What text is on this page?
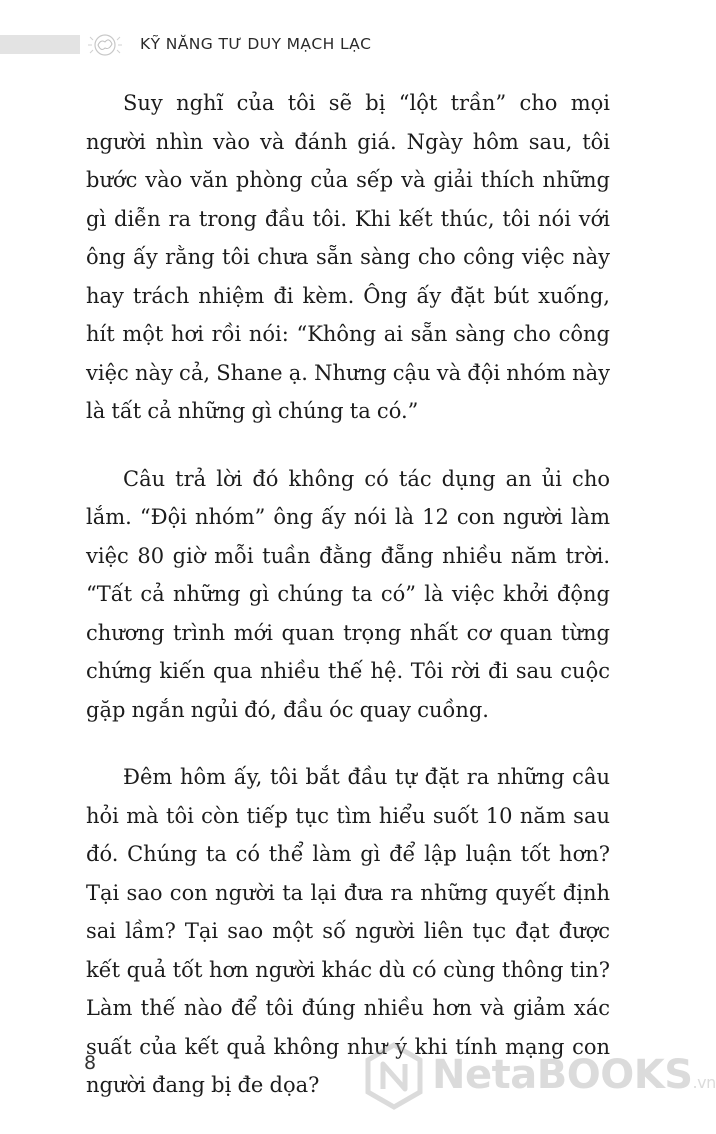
KỸ NĂNG TƯ DUY MẠCH LẠC

Suy nghĩ của tôi sẽ bị “lột trần” cho mọi người nhìn vào và đánh giá. Ngày hôm sau, tôi bước vào văn phòng của sếp và giải thích những gì diễn ra trong đầu tôi. Khi kết thúc, tôi nói với ông ấy rằng tôi chưa sẵn sàng cho công việc này hay trách nhiệm đi kèm. Ông ấy đặt bút xuống, hít một hơi rồi nói: “Không ai sẵn sàng cho công việc này cả, Shane ạ. Nhưng cậu và đội nhóm này là tất cả những gì chúng ta có.”

Câu trả lời đó không có tác dụng an ủi cho lắm. “Đội nhóm” ông ấy nói là 12 con người làm việc 80 giờ mỗi tuần đằng đẵng nhiều năm trời. “Tất cả những gì chúng ta có” là việc khởi động chương trình mới quan trọng nhất cơ quan từng chứng kiến qua nhiều thế hệ. Tôi rời đi sau cuộc gặp ngắn ngủi đó, đầu óc quay cuồng.

Đêm hôm ấy, tôi bắt đầu tự đặt ra những câu hỏi mà tôi còn tiếp tục tìm hiểu suốt 10 năm sau đó. Chúng ta có thể làm gì để lập luận tốt hơn? Tại sao con người ta lại đưa ra những quyết định sai lầm? Tại sao một số người liên tục đạt được kết quả tốt hơn người khác dù có cùng thông tin? Làm thế nào để tôi đúng nhiều hơn và giảm xác suất của kết quả không như ý khi tính mạng con người đang bị đe dọa?

8	NetaBOOKS.vn
